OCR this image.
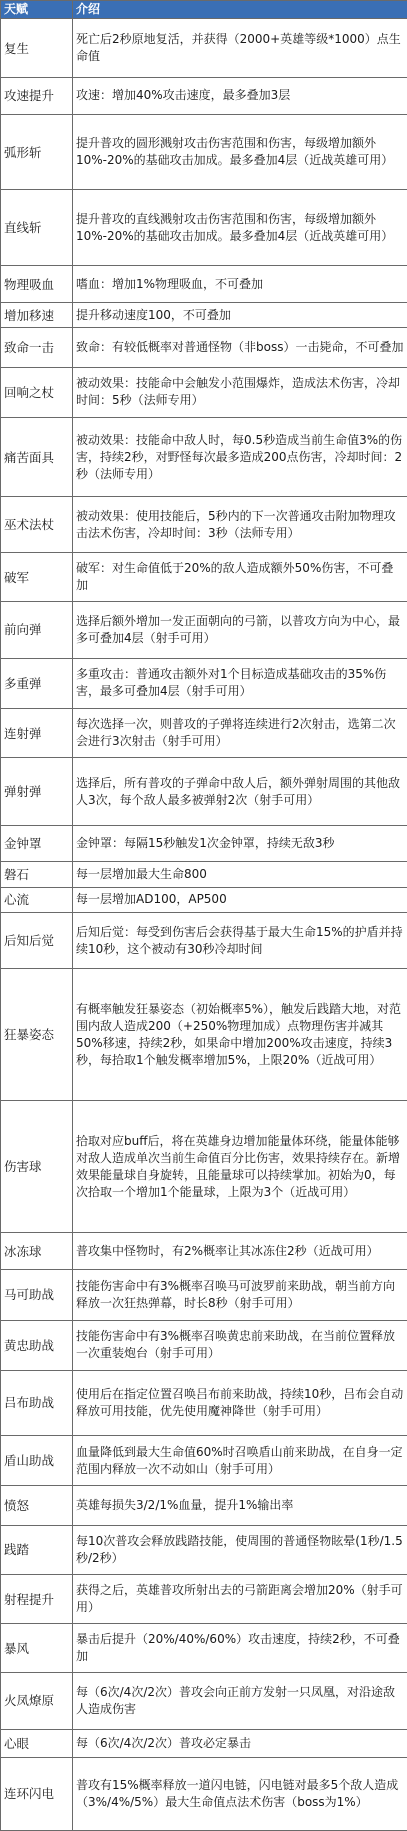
天赋	介绍
复生	死亡后2秒原地复活，并获得（2000+英雄等级*1000）点生命值
攻速提升	攻速：增加40%攻击速度，最多叠加3层
弧形斩	提升普攻的圆形溅射攻击伤害范围和伤害，每级增加额外10%-20%的基础攻击加成。最多叠加4层（近战英雄可用）
直线斩	提升普攻的直线溅射攻击伤害范围和伤害，每级增加额外10%-20%的基础攻击加成。最多叠加4层（近战英雄可用）
物理吸血	嗜血：增加1%物理吸血，不可叠加
增加移速	提升移动速度100，不可叠加
致命一击	致命：有较低概率对普通怪物（非boss）一击毙命，不可叠加
回响之杖	被动效果：技能命中会触发小范围爆炸，造成法术伤害，冷却时间：5秒（法师专用）
痛苦面具	被动效果：技能命中敌人时，每0.5秒造成当前生命值3%的伤害，持续2秒，对野怪每次最多造成200点伤害，冷却时间：2秒（法师专用）
巫术法杖	被动效果：使用技能后，5秒内的下一次普通攻击附加物理攻击法术伤害，冷却时间：3秒（法师专用）
破军	破军：对生命值低于20%的敌人造成额外50%伤害，不可叠加
前向弹	选择后额外增加一发正面朝向的弓箭，以普攻方向为中心，最多可叠加4层（射手可用）
多重弹	多重攻击：普通攻击额外对1个目标造成基础攻击的35%伤害，最多可叠加4层（射手可用）
连射弹	每次选择一次，则普攻的子弹将连续进行2次射击，选第二次会进行3次射击（射手可用）
弹射弹	选择后，所有普攻的子弹命中敌人后，额外弹射周围的其他敌人3次，每个敌人最多被弹射2次（射手可用）
金钟罩	金钟罩：每隔15秒触发1次金钟罩，持续无敌3秒
磐石	每一层增加最大生命800
心流	每一层增加AD100，AP500
后知后觉	后知后觉：每受到伤害后会获得基于最大生命15%的护盾并持续10秒，这个被动有30秒冷却时间
狂暴姿态	有概率触发狂暴姿态（初始概率5%），触发后践踏大地，对范围内敌人造成200（+250%物理加成）点物理伤害并减其50%移速，持续2秒，如果命中增加200%攻击速度，持续3秒，每拾取1个触发概率增加5%，上限20%（近战可用）
伤害球	拾取对应buff后，将在英雄身边增加能量体环绕，能量体能够对敌人造成单次当前生命值百分比伤害，效果持续存在。新增效果能量球自身旋转，且能量球可以持续掌加。初始为0，每次拾取一个增加1个能量球，上限为3个（近战可用）
冰冻球	普攻集中怪物时，有2%概率让其冰冻住2秒（近战可用）
马可助战	技能伤害命中有3%概率召唤马可波罗前来助战，朝当前方向释放一次狂热弹幕，时长8秒（射手可用）
黄忠助战	技能伤害命中有3%概率召唤黄忠前来助战，在当前位置释放一次重装炮台（射手可用）
吕布助战	使用后在指定位置召唤吕布前来助战，持续10秒，吕布会自动释放可用技能，优先使用魔神降世（射手可用）
盾山助战	血量降低到最大生命值60%时召唤盾山前来助战，在自身一定范围内释放一次不动如山（射手可用）
愤怒	英雄每损失3/2/1%血量，提升1%输出率
践踏	每10次普攻会释放践踏技能，使周围的普通怪物眩晕(1秒/1.5秒/2秒）
射程提升	获得之后，英雄普攻所射出去的弓箭距离会增加20%（射手可用）
暴风	暴击后提升（20%/40%/60%）攻击速度，持续2秒，不可叠加
火凤燎原	每（6次/4次/2次）普攻会向正前方发射一只凤凰，对沿途敌人造成伤害
心眼	每（6次/4次/2次）普攻必定暴击
连环闪电	普攻有15%概率释放一道闪电链，闪电链对最多5个敌人造成（3%/4%/5%）最大生命值点法术伤害（boss为1%）
